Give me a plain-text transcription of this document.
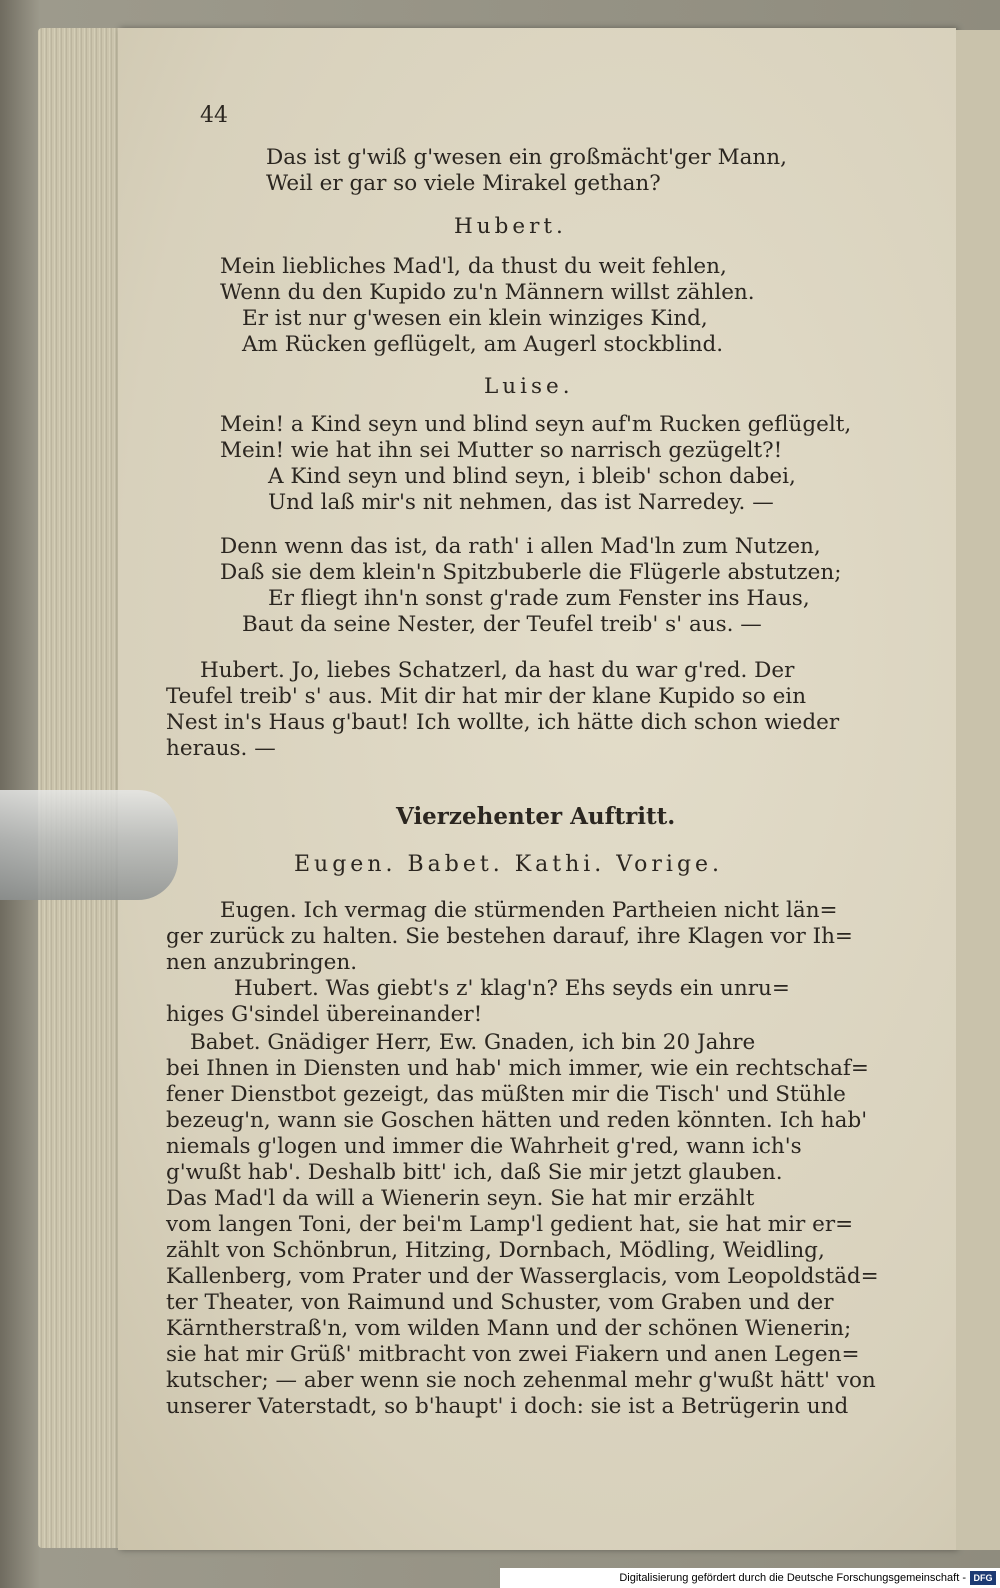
44
Das ist g'wiß g'wesen ein großmächt'ger Mann,
Weil er gar so viele Mirakel gethan?
Hubert.
Mein liebliches Mad'l, da thust du weit fehlen,
Wenn du den Kupido zu'n Männern willst zählen.
Er ist nur g'wesen ein klein winziges Kind,
Am Rücken geflügelt, am Augerl stockblind.
Luise.
Mein! a Kind seyn und blind seyn auf'm Rucken geflügelt,
Mein! wie hat ihn sei Mutter so narrisch gezügelt?!
A Kind seyn und blind seyn, i bleib' schon dabei,
Und laß mir's nit nehmen, das ist Narredey. —
Denn wenn das ist, da rath' i allen Mad'ln zum Nutzen,
Daß sie dem klein'n Spitzbuberle die Flügerle abstutzen;
Er fliegt ihn'n sonst g'rade zum Fenster ins Haus,
Baut da seine Nester, der Teufel treib' s' aus. —
Hubert. Jo, liebes Schatzerl, da hast du war g'red. Der
Teufel treib' s' aus. Mit dir hat mir der klane Kupido so ein
Nest in's Haus g'baut! Ich wollte, ich hätte dich schon wieder
heraus. —
Vierzehenter Auftritt.
Eugen. Babet. Kathi. Vorige.
Eugen. Ich vermag die stürmenden Partheien nicht län=
ger zurück zu halten. Sie bestehen darauf, ihre Klagen vor Ih=
nen anzubringen.
Hubert. Was giebt's z' klag'n? Ehs seyds ein unru=
higes G'sindel übereinander!
Babet. Gnädiger Herr, Ew. Gnaden, ich bin 20 Jahre
bei Ihnen in Diensten und hab' mich immer, wie ein rechtschaf=
fener Dienstbot gezeigt, das müßten mir die Tisch' und Stühle
bezeug'n, wann sie Goschen hätten und reden könnten. Ich hab'
niemals g'logen und immer die Wahrheit g'red, wann ich's
g'wußt hab'. Deshalb bitt' ich, daß Sie mir jetzt glauben.
Das Mad'l da will a Wienerin seyn. Sie hat mir erzählt
vom langen Toni, der bei'm Lamp'l gedient hat, sie hat mir er=
zählt von Schönbrun, Hitzing, Dornbach, Mödling, Weidling,
Kallenberg, vom Prater und der Wasserglacis, vom Leopoldstäd=
ter Theater, von Raimund und Schuster, vom Graben und der
Kärntherstraß'n, vom wilden Mann und der schönen Wienerin;
sie hat mir Grüß' mitbracht von zwei Fiakern und anen Legen=
kutscher; — aber wenn sie noch zehenmal mehr g'wußt hätt' von
unserer Vaterstadt, so b'haupt' i doch: sie ist a Betrügerin und
Digitalisierung gefördert durch die Deutsche Forschungsgemeinschaft - DFG
